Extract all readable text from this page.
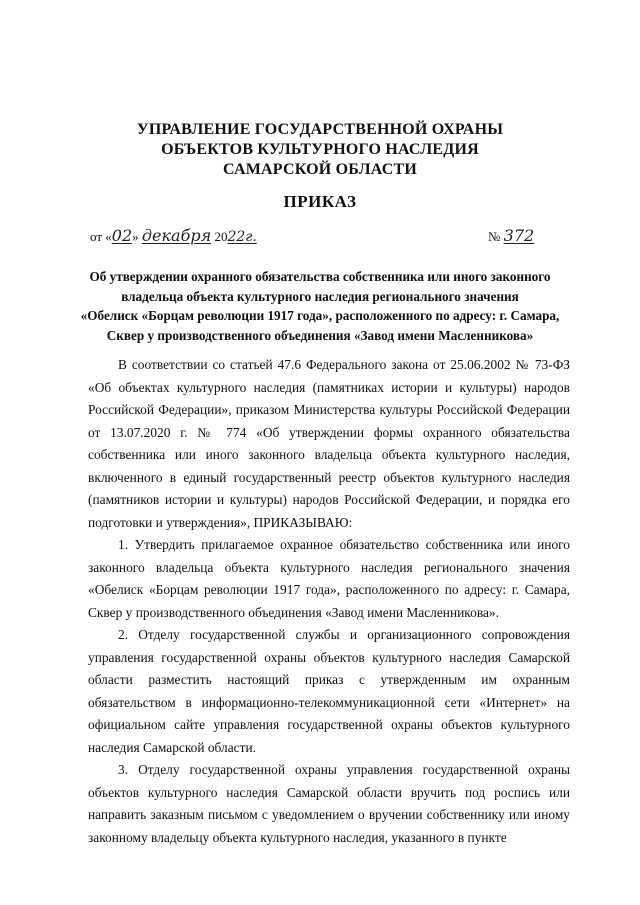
УПРАВЛЕНИЕ ГОСУДАРСТВЕННОЙ ОХРАНЫ
ОБЪЕКТОВ КУЛЬТУРНОГО НАСЛЕДИЯ
САМАРСКОЙ ОБЛАСТИ
ПРИКАЗ
от «02» декабря 2022г.	№ 372
Об утверждении охранного обязательства собственника или иного законного
владельца объекта культурного наследия регионального значения
«Обелиск «Борцам революции 1917 года», расположенного по адресу: г. Самара,
Сквер у производственного объединения «Завод имени Масленникова»

В соответствии со статьей 47.6 Федерального закона от 25.06.2002 № 73-ФЗ «Об объектах культурного наследия (памятниках истории и культуры) народов Российской Федерации», приказом Министерства культуры Российской Федерации от 13.07.2020 г. № 774 «Об утверждении формы охранного обязательства собственника или иного законного владельца объекта культурного наследия, включенного в единый государственный реестр объектов культурного наследия (памятников истории и культуры) народов Российской Федерации, и порядка его подготовки и утверждения», ПРИКАЗЫВАЮ:

1. Утвердить прилагаемое охранное обязательство собственника или иного законного владельца объекта культурного наследия регионального значения «Обелиск «Борцам революции 1917 года», расположенного по адресу: г. Самара, Сквер у производственного объединения «Завод имени Масленникова».

2. Отделу государственной службы и организационного сопровождения управления государственной охраны объектов культурного наследия Самарской области разместить настоящий приказ с утвержденным им охранным обязательством в информационно-телекоммуникационной сети «Интернет» на официальном сайте управления государственной охраны объектов культурного наследия Самарской области.

3. Отделу государственной охраны управления государственной охраны объектов культурного наследия Самарской области вручить под роспись или направить заказным письмом с уведомлением о вручении собственнику или иному законному владельцу объекта культурного наследия, указанного в пункте
